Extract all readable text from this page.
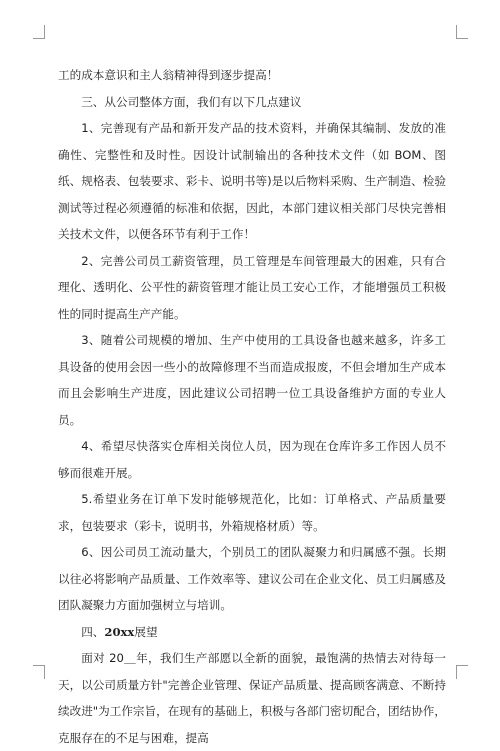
工的成本意识和主人翁精神得到逐步提高！

三、从公司整体方面，我们有以下几点建议

1、完善现有产品和新开发产品的技术资料，并确保其编制、发放的准确性、完整性和及时性。因设计试制输出的各种技术文件（如 BOM、图纸、规格表、包装要求、彩卡、说明书等)是以后物料采购、生产制造、检验测试等过程必须遵循的标准和依据，因此，本部门建议相关部门尽快完善相关技术文件，以便各环节有利于工作！

2、完善公司员工薪资管理，员工管理是车间管理最大的困难，只有合理化、透明化、公平性的薪资管理才能让员工安心工作，才能增强员工积极性的同时提高生产产能。

3、随着公司规模的增加、生产中使用的工具设备也越来越多，许多工具设备的使用会因一些小的故障修理不当而造成报废，不但会增加生产成本而且会影响生产进度，因此建议公司招聘一位工具设备维护方面的专业人员。

4、希望尽快落实仓库相关岗位人员，因为现在仓库许多工作因人员不够而很难开展。

5.希望业务在订单下发时能够规范化，比如：订单格式、产品质量要求，包装要求（彩卡，说明书，外箱规格材质）等。

6、因公司员工流动量大，个别员工的团队凝聚力和归属感不强。长期以往必将影响产品质量、工作效率等、建议公司在企业文化、员工归属感及团队凝聚力方面加强树立与培训。

四、20xx展望

面对 20＿年，我们生产部愿以全新的面貌，最饱满的热情去对待每一天，以公司质量方针"完善企业管理、保证产品质量、提高顾客满意、不断持续改进"为工作宗旨，在现有的基础上，积极与各部门密切配合，团结协作，克服存在的不足与困难，提高
